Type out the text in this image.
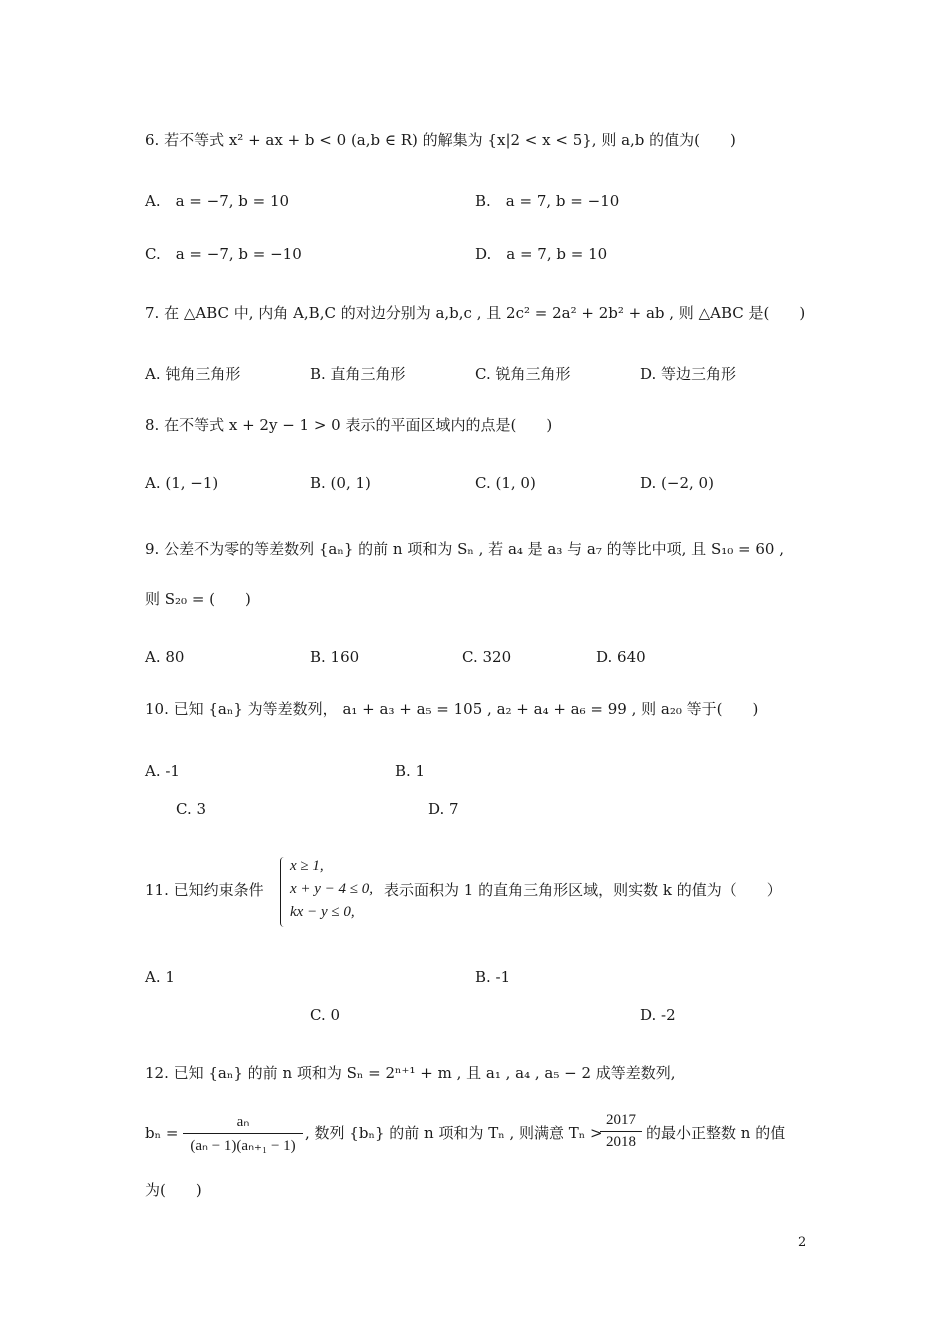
6. 若不等式 x² + ax + b < 0 (a,b ∈ R) 的解集为 {x|2 < x < 5}, 则 a,b 的值为(　　)
A.　a = −7, b = 10	B.　a = 7, b = −10
C.　a = −7, b = −10	D.　a = 7, b = 10
7. 在 △ABC 中, 内角 A,B,C 的对边分别为 a,b,c , 且 2c² = 2a² + 2b² + ab , 则 △ABC 是(　　)
A. 钝角三角形	B. 直角三角形	C. 锐角三角形	D. 等边三角形
8. 在不等式 x + 2y − 1 > 0 表示的平面区域内的点是(　　)
A. (1, −1)	B. (0, 1)	C. (1, 0)	D. (−2, 0)
9. 公差不为零的等差数列 {aₙ} 的前 n 项和为 Sₙ , 若 a₄ 是 a₃ 与 a₇ 的等比中项, 且 S₁₀ = 60 ,
则 S₂₀ = (　　)
A. 80	B. 160	C. 320	D. 640
10. 已知 {aₙ} 为等差数列， a₁ + a₃ + a₅ = 105 , a₂ + a₄ + a₆ = 99 , 则 a₂₀ 等于(　　)
A. -1	B. 1
C. 3	D. 7
11. 已知约束条件
x ≥ 1,
x + y − 4 ≤ 0,
kx − y ≤ 0,
表示面积为 1 的直角三角形区域，则实数 k 的值为（　　）
A. 1	B. -1
C. 0	D. -2
12. 已知 {aₙ} 的前 n 项和为 Sₙ = 2ⁿ⁺¹ + m , 且 a₁ , a₄ , a₅ − 2 成等差数列,
bₙ =
aₙ
(aₙ − 1)(aₙ₊₁ − 1)
, 数列 {bₙ} 的前 n 项和为 Tₙ , 则满意 Tₙ >
2017
2018 的最小正整数 n 的值
为(　　)
2
